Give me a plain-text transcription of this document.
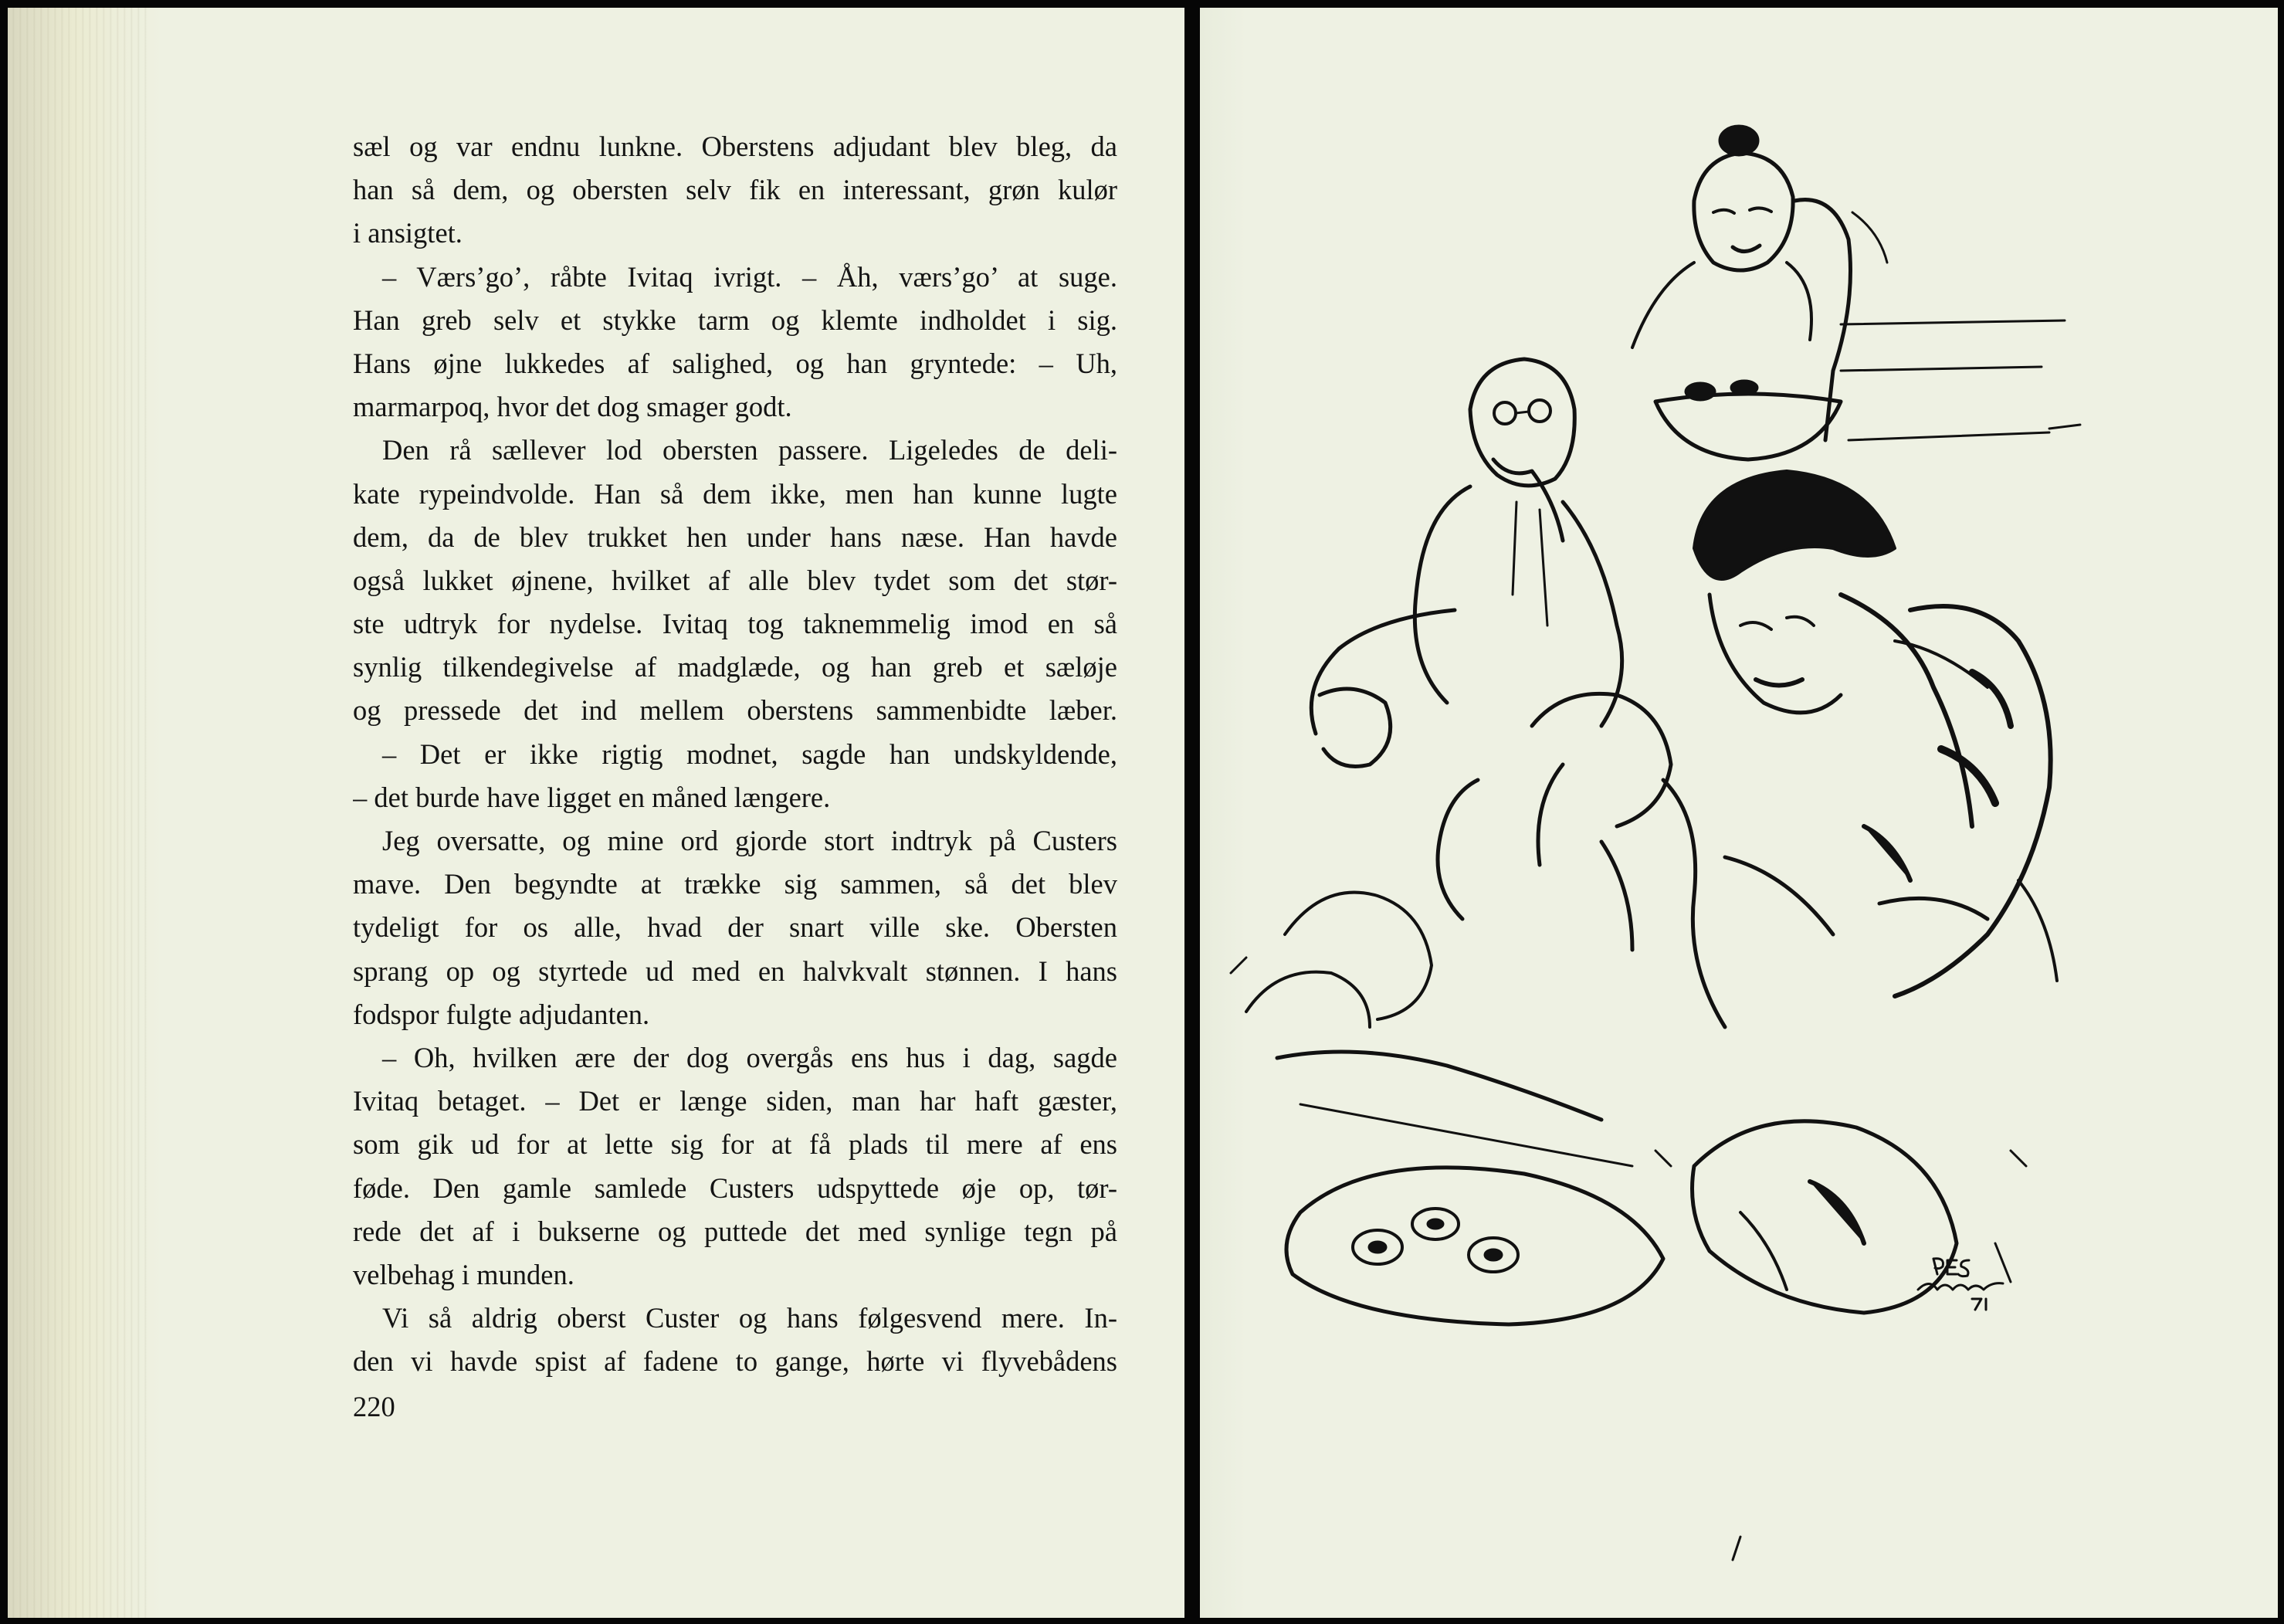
sæl og var endnu lunkne. Oberstens adjudant blev bleg, da
han så dem, og obersten selv fik en interessant, grøn kulør
i ansigtet.
– Værs’go’, råbte Ivitaq ivrigt. – Åh, værs’go’ at suge.
Han greb selv et stykke tarm og klemte indholdet i sig.
Hans øjne lukkedes af salighed, og han gryntede: – Uh,
marmarpoq, hvor det dog smager godt.
Den rå sællever lod obersten passere. Ligeledes de deli-
kate rypeindvolde. Han så dem ikke, men han kunne lugte
dem, da de blev trukket hen under hans næse. Han havde
også lukket øjnene, hvilket af alle blev tydet som det stør-
ste udtryk for nydelse. Ivitaq tog taknemmelig imod en så
synlig tilkendegivelse af madglæde, og han greb et sæløje
og pressede det ind mellem oberstens sammenbidte læber.
– Det er ikke rigtig modnet, sagde han undskyldende,
– det burde have ligget en måned længere.
Jeg oversatte, og mine ord gjorde stort indtryk på Custers
mave. Den begyndte at trække sig sammen, så det blev
tydeligt for os alle, hvad der snart ville ske. Obersten
sprang op og styrtede ud med en halvkvalt stønnen. I hans
fodspor fulgte adjudanten.
– Oh, hvilken ære der dog overgås ens hus i dag, sagde
Ivitaq betaget. – Det er længe siden, man har haft gæster,
som gik ud for at lette sig for at få plads til mere af ens
føde. Den gamle samlede Custers udspyttede øje op, tør-
rede det af i bukserne og puttede det med synlige tegn på
velbehag i munden.
Vi så aldrig oberst Custer og hans følgesvend mere. In-
den vi havde spist af fadene to gange, hørte vi flyvebådens
220
